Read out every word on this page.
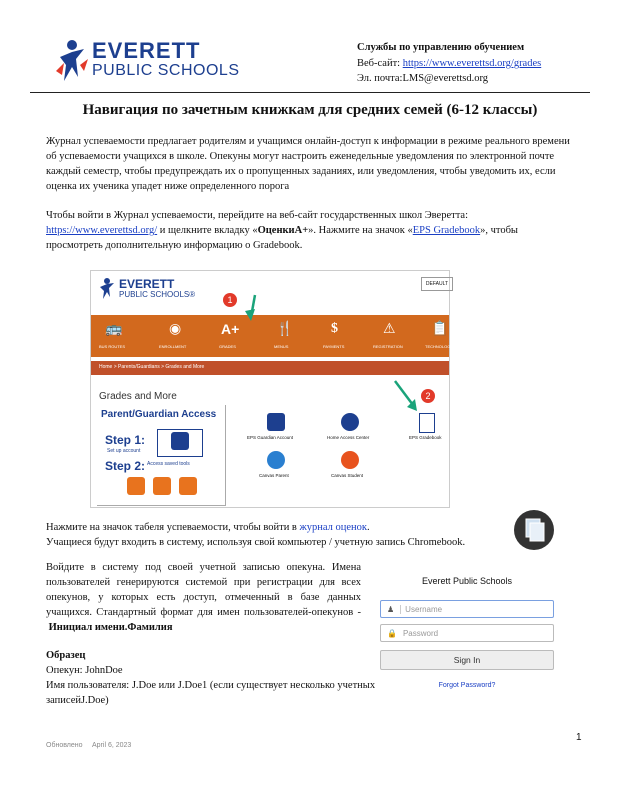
EVERETT
PUBLIC SCHOOLS
Службы по управлению обучением
Веб-сайт: https://www.everettsd.org/grades
Эл. почта:LMS@everettsd.org
Навигация по зачетным книжкам для средних семей (6-12 классы)
Журнал успеваемости предлагает родителям и учащимся онлайн-доступ к информации в режиме реального времени об успеваемости учащихся в школе. Опекуны могут настроить еженедельные уведомления по электронной почте каждый семестр, чтобы предупреждать их о пропущенных заданиях, или уведомления, чтобы уведомить их, если оценка их ученика упадет ниже определенного порога
Чтобы войти в Журнал успеваемости, перейдите на веб-сайт государственных школ Эверетта:
https://www.everettsd.org/ и щелкните вкладку «ОценкиA+». Нажмите на значок «EPS Gradebook», чтобы просмотреть дополнительную информацию о Gradebook.
EVERETT
PUBLIC SCHOOLS®
DEFAULT
🚌	◉	A+	🍴	$	⚠	📋
BUS ROUTES	ENROLLMENT	GRADES	MENUS	PAYMENTS	REGISTRATION	TECHNOLOGY
1
Home > Parents/Guardians > Grades and More
Grades and More
Parent/Guardian Access
Step 1:
Set up account
Step 2: Access saved tools
EPS Guardian Account	Home Access Center	EPS Gradebook
Canvas Parent	Canvas Student
2
Нажмите на значок табеля успеваемости, чтобы войти в журнал оценок.
Учащиеся будут входить в систему, используя свой компьютер / учетную запись Chromebook.
Войдите в систему под своей учетной записью опекуна. Имена пользователей генерируются системой при регистрации для всех опекунов, у которых есть доступ, отмеченный в базе данных учащихся. Стандартный формат для имен пользователей-опекунов - Инициал имени.Фамилия
Образец
Опекун: JohnDoe
Имя пользователя: J.Doe или J.Doe1 (если существует несколько учетных записейJ.Doe)
Everett Public Schools
♟	Username
🔒 Password
Sign In
Forgot Password?
Обновлено April 6, 2023
1
